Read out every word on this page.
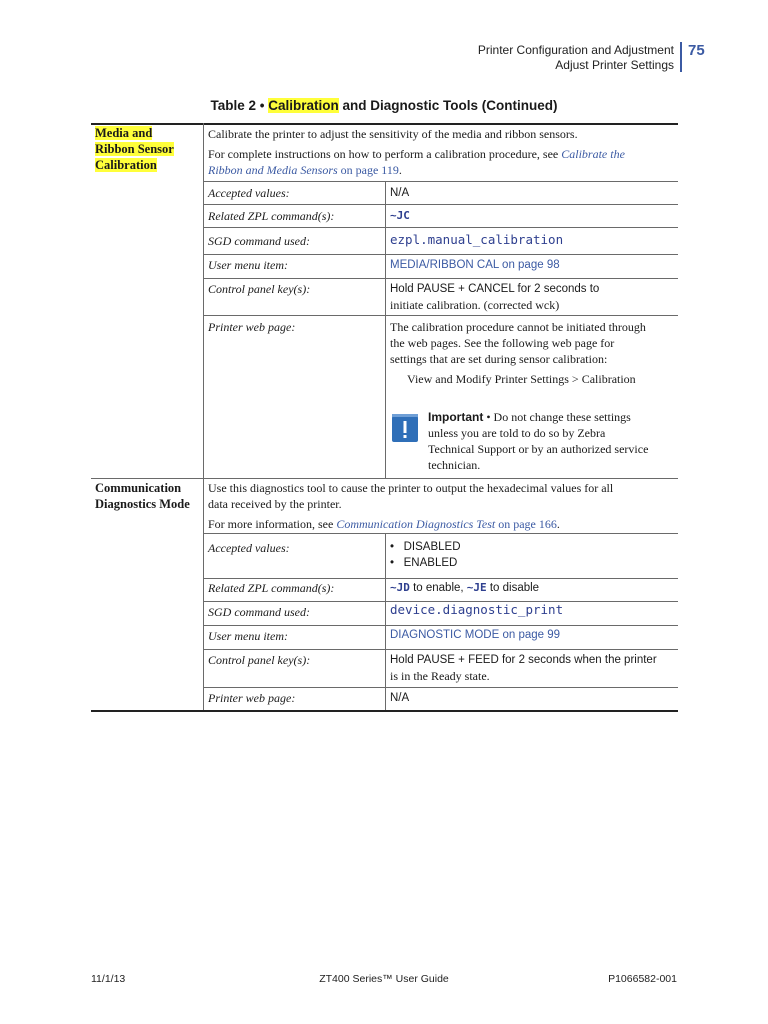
Printer Configuration and Adjustment
Adjust Printer Settings
75
Table 2 • Calibration and Diagnostic Tools (Continued)
Media and
Ribbon Sensor
Calibration
Calibrate the printer to adjust the sensitivity of the media and ribbon sensors.
For complete instructions on how to perform a calibration procedure, see Calibrate the
Ribbon and Media Sensors on page 119.
Accepted values:	N/A
Related ZPL command(s):	~JC
SGD command used:	ezpl.manual_calibration
User menu item:	MEDIA/RIBBON CAL on page 98
Control panel key(s):	Hold PAUSE + CANCEL for 2 seconds to
initiate calibration. (corrected wck)
Printer web page:	The calibration procedure cannot be initiated through
the web pages. See the following web page for
settings that are set during sensor calibration:
View and Modify Printer Settings > Calibration
Important • Do not change these settings
unless you are told to do so by Zebra
Technical Support or by an authorized service
technician.
Communication
Diagnostics Mode
Use this diagnostics tool to cause the printer to output the hexadecimal values for all
data received by the printer.
For more information, see Communication Diagnostics Test on page 166.
Accepted values:	•   DISABLED
•   ENABLED
Related ZPL command(s):	~JD to enable, ~JE to disable
SGD command used:	device.diagnostic_print
User menu item:	DIAGNOSTIC MODE on page 99
Control panel key(s):	Hold PAUSE + FEED for 2 seconds when the printer
is in the Ready state.
Printer web page:	N/A
11/1/13	ZT400 Series™ User Guide	P1066582-001
